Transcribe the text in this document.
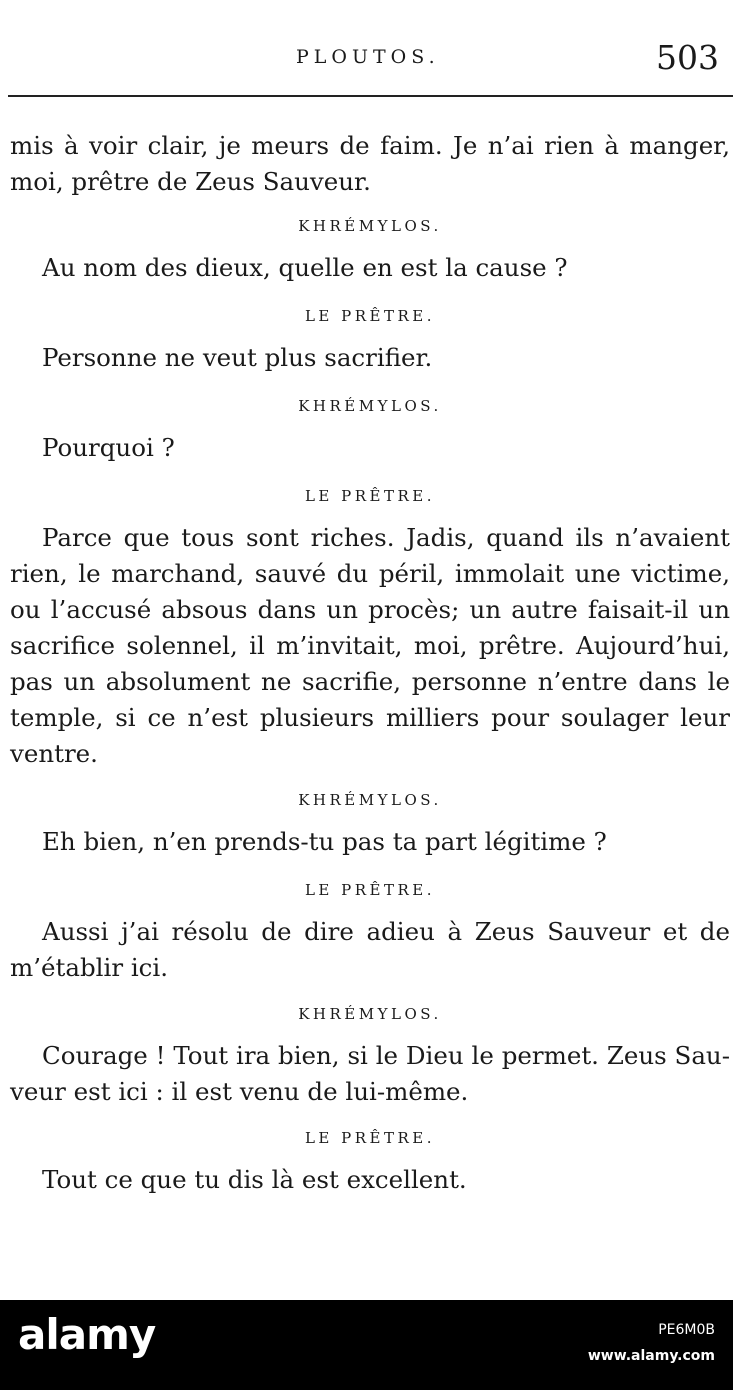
PLOUTOS.	503
mis à voir clair, je meurs de faim. Je n’ai rien à manger,
moi, prêtre de Zeus Sauveur.

KHRÉMYLOS.

Au nom des dieux, quelle en est la cause ?

LE PRÊTRE.

Personne ne veut plus sacrifier.

KHRÉMYLOS.

Pourquoi ?

LE PRÊTRE.

Parce que tous sont riches. Jadis, quand ils n’avaient
rien, le marchand, sauvé du péril, immolait une victime,
ou l’accusé absous dans un procès; un autre faisait-il un
sacrifice solennel, il m’invitait, moi, prêtre. Aujourd’hui,
pas un absolument ne sacrifie, personne n’entre dans le
temple, si ce n’est plusieurs milliers pour soulager leur
ventre.

KHRÉMYLOS.

Eh bien, n’en prends-tu pas ta part légitime ?

LE PRÊTRE.

Aussi j’ai résolu de dire adieu à Zeus Sauveur et de
m’établir ici.

KHRÉMYLOS.

Courage ! Tout ira bien, si le Dieu le permet. Zeus Sau-
veur est ici : il est venu de lui-même.

LE PRÊTRE.

Tout ce que tu dis là est excellent.
alamy	PE6M0B
www.alamy.com
